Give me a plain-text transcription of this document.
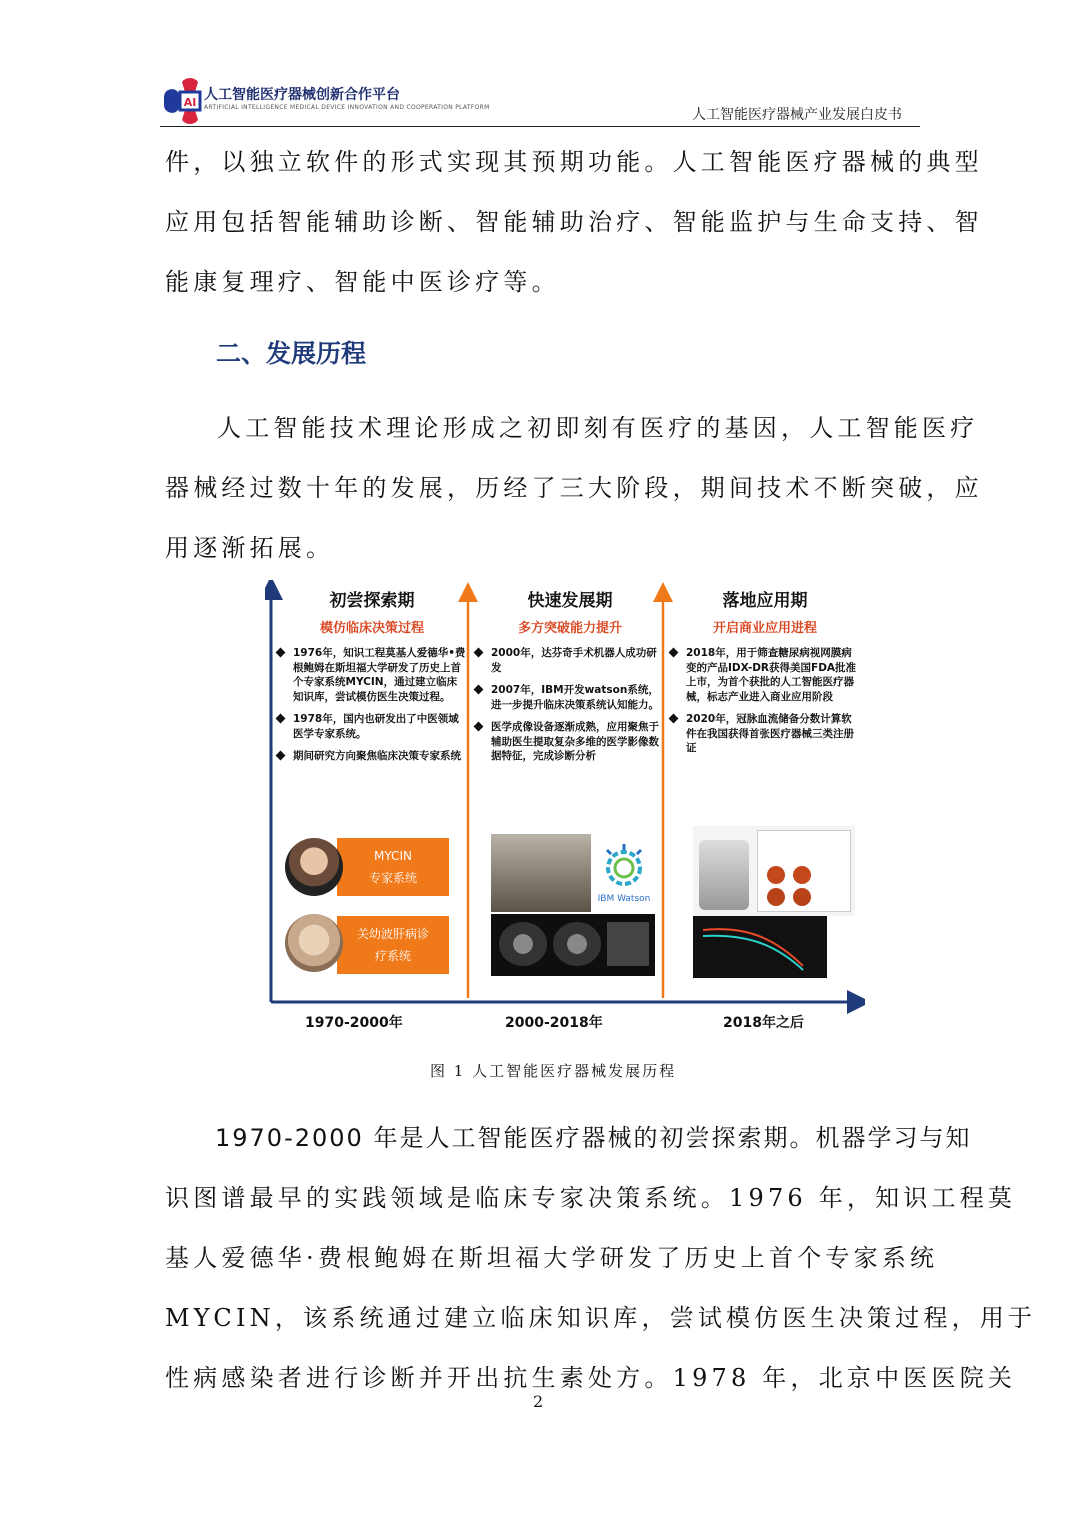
AI 人工智能医疗器械创新合作平台
ARTIFICIAL INTELLIGENCE MEDICAL DEVICE INNOVATION AND COOPERATION PLATFORM	人工智能医疗器械产业发展白皮书
件，以独立软件的形式实现其预期功能。人工智能医疗器械的典型
应用包括智能辅助诊断、智能辅助治疗、智能监护与生命支持、智
能康复理疗、智能中医诊疗等。
二、发展历程
人工智能技术理论形成之初即刻有医疗的基因，人工智能医疗
器械经过数十年的发展，历经了三大阶段，期间技术不断突破，应
用逐渐拓展。
初尝探索期
模仿临床决策过程
1976年，知识工程莫基人爱德华•费根鲍姆在斯坦福大学研发了历史上首个专家系统MYCIN，通过建立临床知识库，尝试模仿医生决策过程。
1978年，国内也研发出了中医领域医学专家系统。
期间研究方向聚焦临床决策专家系统
快速发展期
多方突破能力提升
2000年，达芬奇手术机器人成功研发
2007年，IBM开发watson系统，进一步提升临床决策系统认知能力。
医学成像设备逐渐成熟，应用聚焦于辅助医生提取复杂多维的医学影像数据特征，完成诊断分析
落地应用期
开启商业应用进程
2018年，用于筛查糖尿病视网膜病变的产品IDX-DR获得美国FDA批准上市，为首个获批的人工智能医疗器械，标志产业进入商业应用阶段
2020年，冠脉血流储备分数计算软件在我国获得首张医疗器械三类注册证
MYCIN
专家系统
关幼波肝病诊
疗系统
IBM Watson
1970-2000年	2000-2018年	2018年之后
图 1 人工智能医疗器械发展历程
1970-2000 年是人工智能医疗器械的初尝探索期。机器学习与知
识图谱最早的实践领域是临床专家决策系统。1976 年，知识工程莫
基人爱德华·费根鲍姆在斯坦福大学研发了历史上首个专家系统
MYCIN，该系统通过建立临床知识库，尝试模仿医生决策过程，用于
性病感染者进行诊断并开出抗生素处方。1978 年，北京中医医院关
2
